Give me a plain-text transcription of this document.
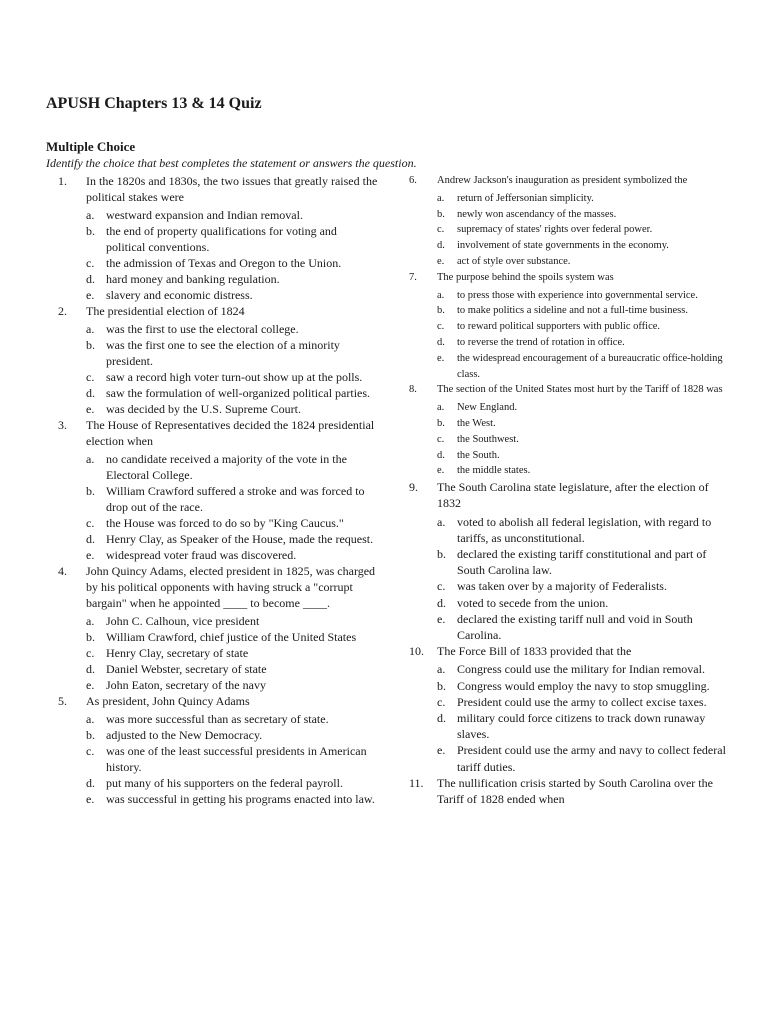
APUSH Chapters 13 & 14 Quiz
Multiple Choice
Identify the choice that best completes the statement or answers the question.
1.	In the 1820s and 1830s, the two issues that greatly raised the political stakes were
a. westward expansion and Indian removal.
b. the end of property qualifications for voting and political conventions.
c. the admission of Texas and Oregon to the Union.
d. hard money and banking regulation.
e. slavery and economic distress.
2.	The presidential election of 1824
a. was the first to use the electoral college.
b. was the first one to see the election of a minority president.
c. saw a record high voter turn-out show up at the polls.
d. saw the formulation of well-organized political parties.
e. was decided by the U.S. Supreme Court.
3.	The House of Representatives decided the 1824 presidential election when
a. no candidate received a majority of the vote in the Electoral College.
b. William Crawford suffered a stroke and was forced to drop out of the race.
c. the House was forced to do so by "King Caucus."
d. Henry Clay, as Speaker of the House, made the request.
e. widespread voter fraud was discovered.
4.	John Quincy Adams, elected president in 1825, was charged by his political opponents with having struck a "corrupt bargain" when he appointed ____ to become ____.
a. John C. Calhoun, vice president
b. William Crawford, chief justice of the United States
c. Henry Clay, secretary of state
d. Daniel Webster, secretary of state
e. John Eaton, secretary of the navy
5.	As president, John Quincy Adams
a. was more successful than as secretary of state.
b. adjusted to the New Democracy.
c. was one of the least successful presidents in American history.
d. put many of his supporters on the federal payroll.
e. was successful in getting his programs enacted into law.
6.	Andrew Jackson's inauguration as president symbolized the
a.	return of Jeffersonian simplicity.
b.	newly won ascendancy of the masses.
c.	supremacy of states' rights over federal power.
d.	involvement of state governments in the economy.
e.	act of style over substance.
7.	The purpose behind the spoils system was
a.	to press those with experience into governmental service.
b.	to make politics a sideline and not a full-time business.
c.	to reward political supporters with public office.
d.	to reverse the trend of rotation in office.
e.	the widespread encouragement of a bureaucratic office-holding class.
8.	The section of the United States most hurt by the Tariff of 1828 was
a.	New England.
b.	the West.
c.	the Southwest.
d.	the South.
e.	the middle states.
9.	The South Carolina state legislature, after the election of 1832
a. voted to abolish all federal legislation, with regard to tariffs, as unconstitutional.
b. declared the existing tariff constitutional and part of South Carolina law.
c. was taken over by a majority of Federalists.
d. voted to secede from the union.
e. declared the existing tariff null and void in South Carolina.
10.	The Force Bill of 1833 provided that the
a. Congress could use the military for Indian removal.
b. Congress would employ the navy to stop smuggling.
c. President could use the army to collect excise taxes.
d. military could force citizens to track down runaway slaves.
e. President could use the army and navy to collect federal tariff duties.
11.	The nullification crisis started by South Carolina over the Tariff of 1828 ended when
